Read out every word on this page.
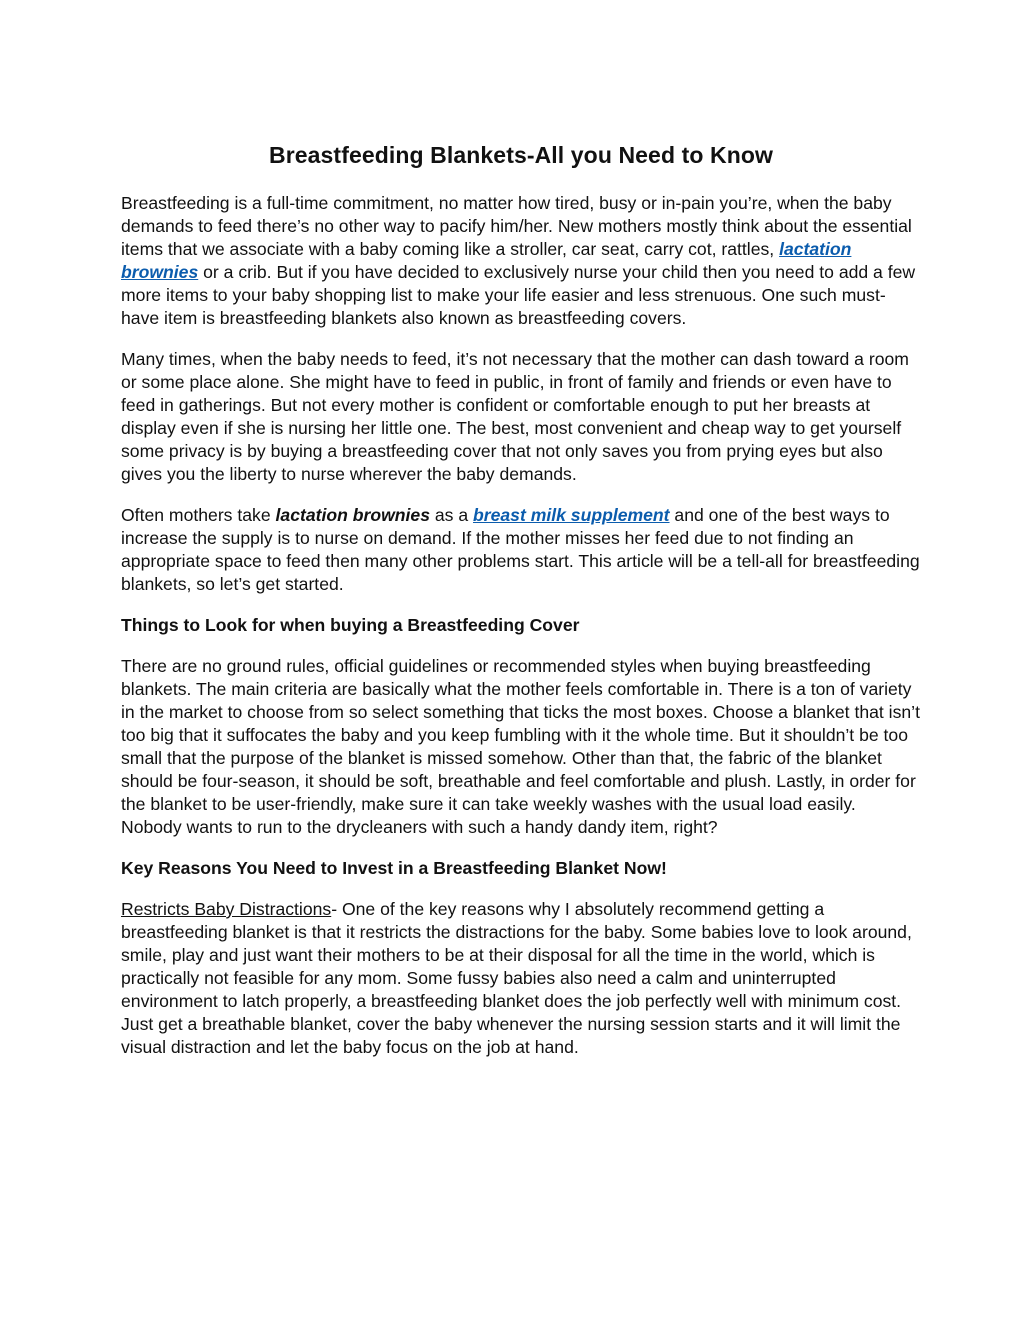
Breastfeeding Blankets-All you Need to Know

Breastfeeding is a full-time commitment, no matter how tired, busy or in-pain you’re, when the baby demands to feed there’s no other way to pacify him/her. New mothers mostly think about the essential items that we associate with a baby coming like a stroller, car seat, carry cot, rattles, lactation brownies or a crib. But if you have decided to exclusively nurse your child then you need to add a few more items to your baby shopping list to make your life easier and less strenuous. One such must-have item is breastfeeding blankets also known as breastfeeding covers.

Many times, when the baby needs to feed, it’s not necessary that the mother can dash toward a room or some place alone. She might have to feed in public, in front of family and friends or even have to feed in gatherings. But not every mother is confident or comfortable enough to put her breasts at display even if she is nursing her little one. The best, most convenient and cheap way to get yourself some privacy is by buying a breastfeeding cover that not only saves you from prying eyes but also gives you the liberty to nurse wherever the baby demands.

Often mothers take lactation brownies as a breast milk supplement and one of the best ways to increase the supply is to nurse on demand. If the mother misses her feed due to not finding an appropriate space to feed then many other problems start. This article will be a tell-all for breastfeeding blankets, so let’s get started.

Things to Look for when buying a Breastfeeding Cover

There are no ground rules, official guidelines or recommended styles when buying breastfeeding blankets. The main criteria are basically what the mother feels comfortable in. There is a ton of variety in the market to choose from so select something that ticks the most boxes. Choose a blanket that isn’t too big that it suffocates the baby and you keep fumbling with it the whole time. But it shouldn’t be too small that the purpose of the blanket is missed somehow. Other than that, the fabric of the blanket should be four-season, it should be soft, breathable and feel comfortable and plush. Lastly, in order for the blanket to be user-friendly, make sure it can take weekly washes with the usual load easily. Nobody wants to run to the drycleaners with such a handy dandy item, right?

Key Reasons You Need to Invest in a Breastfeeding Blanket Now!

Restricts Baby Distractions- One of the key reasons why I absolutely recommend getting a breastfeeding blanket is that it restricts the distractions for the baby. Some babies love to look around, smile, play and just want their mothers to be at their disposal for all the time in the world, which is practically not feasible for any mom. Some fussy babies also need a calm and uninterrupted environment to latch properly, a breastfeeding blanket does the job perfectly well with minimum cost. Just get a breathable blanket, cover the baby whenever the nursing session starts and it will limit the visual distraction and let the baby focus on the job at hand.
